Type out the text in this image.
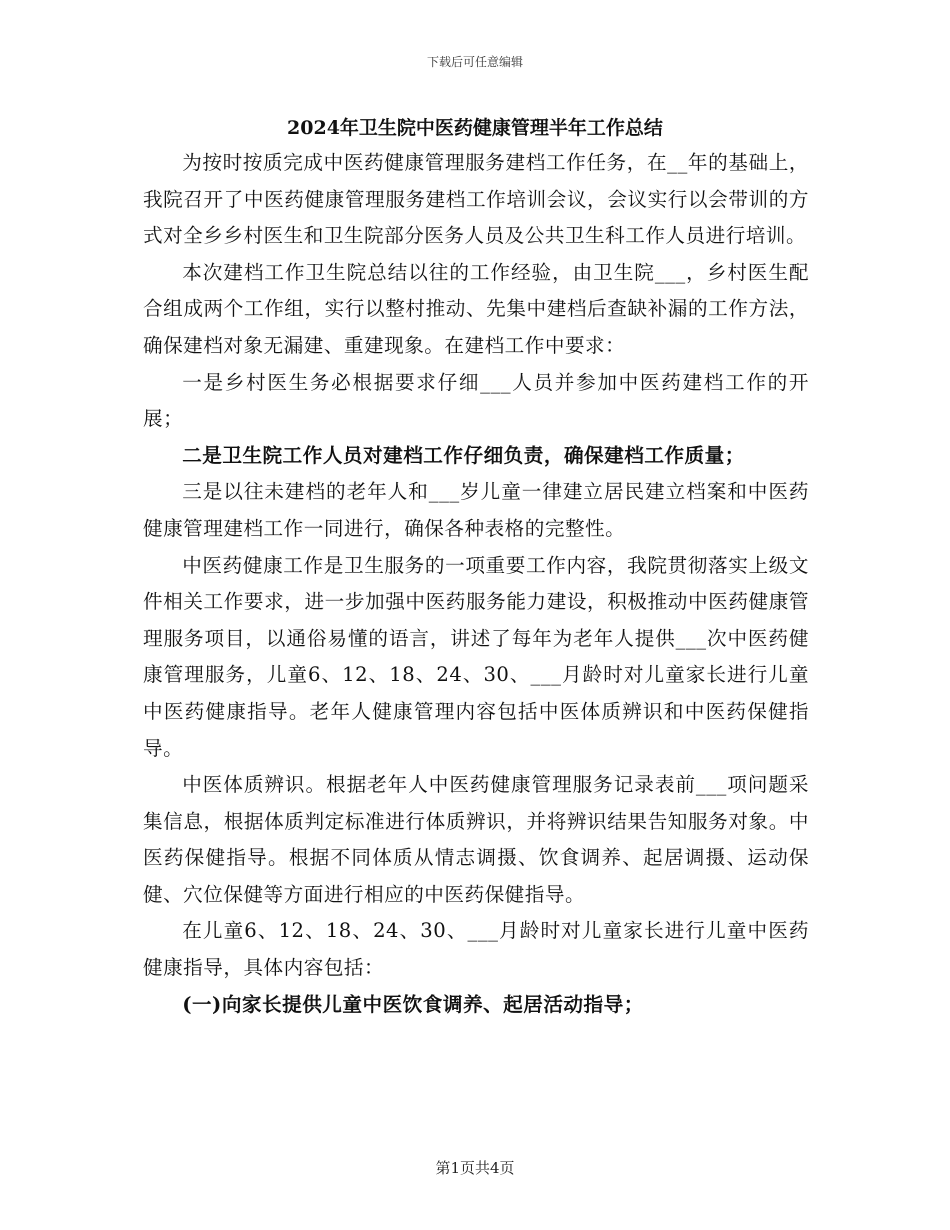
下载后可任意编辑
2024年卫生院中医药健康管理半年工作总结

为按时按质完成中医药健康管理服务建档工作任务，在__年的基础上，我院召开了中医药健康管理服务建档工作培训会议，会议实行以会带训的方式对全乡乡村医生和卫生院部分医务人员及公共卫生科工作人员进行培训。

本次建档工作卫生院总结以往的工作经验，由卫生院___，乡村医生配合组成两个工作组，实行以整村推动、先集中建档后查缺补漏的工作方法，确保建档对象无漏建、重建现象。在建档工作中要求：

一是乡村医生务必根据要求仔细___人员并参加中医药建档工作的开展；

二是卫生院工作人员对建档工作仔细负责，确保建档工作质量；

三是以往未建档的老年人和___岁儿童一律建立居民建立档案和中医药健康管理建档工作一同进行，确保各种表格的完整性。

中医药健康工作是卫生服务的一项重要工作内容，我院贯彻落实上级文件相关工作要求，进一步加强中医药服务能力建设，积极推动中医药健康管理服务项目，以通俗易懂的语言，讲述了每年为老年人提供___次中医药健康管理服务，儿童6、12、18、24、30、___月龄时对儿童家长进行儿童中医药健康指导。老年人健康管理内容包括中医体质辨识和中医药保健指导。

中医体质辨识。根据老年人中医药健康管理服务记录表前___项问题采集信息，根据体质判定标准进行体质辨识，并将辨识结果告知服务对象。中医药保健指导。根据不同体质从情志调摄、饮食调养、起居调摄、运动保健、穴位保健等方面进行相应的中医药保健指导。

在儿童6、12、18、24、30、___月龄时对儿童家长进行儿童中医药健康指导，具体内容包括：

(一)向家长提供儿童中医饮食调养、起居活动指导；

第1页共4页
